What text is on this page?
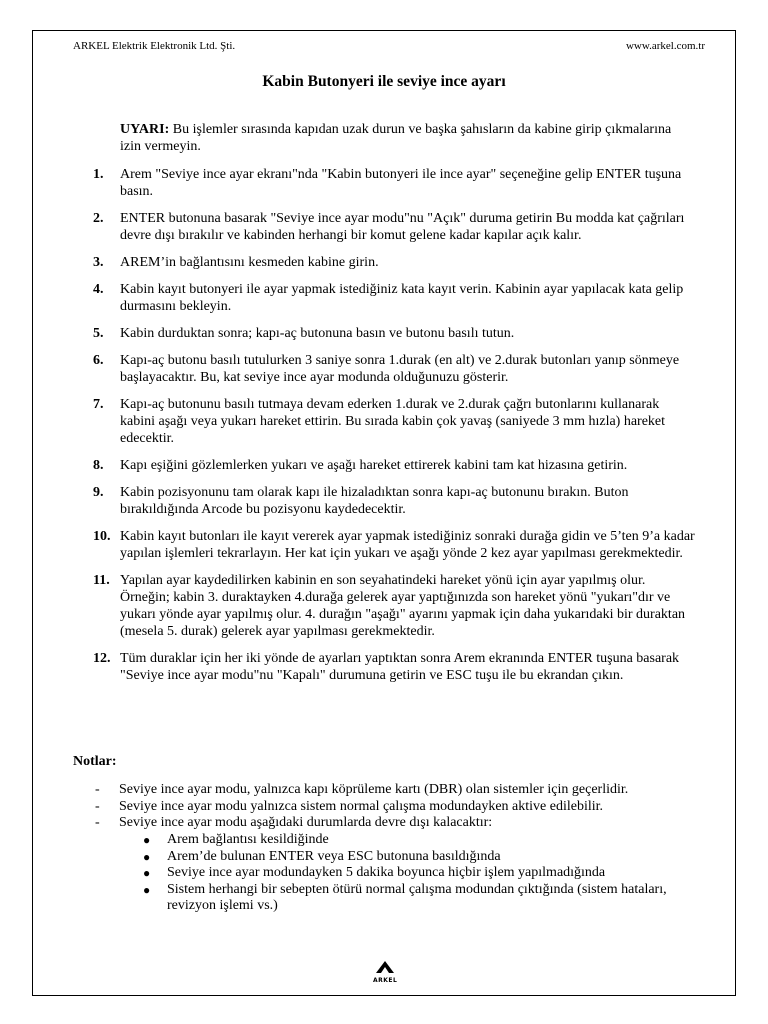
ARKEL Elektrik Elektronik Ltd. Şti.	www.arkel.com.tr
Kabin Butonyeri ile seviye ince ayarı
UYARI: Bu işlemler sırasında kapıdan uzak durun ve başka şahısların da kabine girip çıkmalarına izin vermeyin.
1.	Arem "Seviye ince ayar ekranı"nda "Kabin butonyeri ile ince ayar" seçeneğine gelip ENTER tuşuna basın.
2.	ENTER butonuna basarak "Seviye ince ayar modu"nu "Açık" duruma getirin Bu modda kat çağrıları devre dışı bırakılır ve kabinden herhangi bir komut gelene kadar kapılar açık kalır.
3.	AREM’in bağlantısını kesmeden kabine girin.
4.	Kabin kayıt butonyeri ile ayar yapmak istediğiniz kata kayıt verin. Kabinin ayar yapılacak kata gelip durmasını bekleyin.
5.	Kabin durduktan sonra; kapı-aç butonuna basın ve butonu basılı tutun.
6.	Kapı-aç butonu basılı tutulurken 3 saniye sonra 1.durak (en alt) ve 2.durak butonları yanıp sönmeye başlayacaktır. Bu, kat seviye ince ayar modunda olduğunuzu gösterir.
7.	Kapı-aç butonunu basılı tutmaya devam ederken 1.durak ve 2.durak çağrı butonlarını kullanarak kabini aşağı veya yukarı hareket ettirin. Bu sırada kabin çok yavaş (saniyede 3 mm hızla) hareket edecektir.
8.	Kapı eşiğini gözlemlerken yukarı ve aşağı hareket ettirerek kabini tam kat hizasına getirin.
9.	Kabin pozisyonunu tam olarak kapı ile hizaladıktan sonra kapı-aç butonunu bırakın. Buton bırakıldığında Arcode bu pozisyonu kaydedecektir.
10. Kabin kayıt butonları ile kayıt vererek ayar yapmak istediğiniz sonraki durağa gidin ve 5’ten 9’a kadar yapılan işlemleri tekrarlayın. Her kat için yukarı ve aşağı yönde 2 kez ayar yapılması gerekmektedir.
11. Yapılan ayar kaydedilirken kabinin en son seyahatindeki hareket yönü için ayar yapılmış olur. Örneğin; kabin 3. duraktayken 4.durağa gelerek ayar yaptığınızda son hareket yönü "yukarı"dır ve yukarı yönde ayar yapılmış olur. 4. durağın "aşağı" ayarını yapmak için daha yukarıdaki bir duraktan (mesela 5. durak) gelerek ayar yapılması gerekmektedir.
12. Tüm duraklar için her iki yönde de ayarları yaptıktan sonra Arem ekranında ENTER tuşuna basarak "Seviye ince ayar modu"nu "Kapalı" durumuna getirin ve ESC tuşu ile bu ekrandan çıkın.
Notlar:
-	Seviye ince ayar modu, yalnızca kapı köprüleme kartı (DBR) olan sistemler için geçerlidir.
-	Seviye ince ayar modu yalnızca sistem normal çalışma modundayken aktive edilebilir.
-	Seviye ince ayar modu aşağıdaki durumlarda devre dışı kalacaktır:
●	Arem bağlantısı kesildiğinde
●	Arem’de bulunan ENTER veya ESC butonuna basıldığında
●	Seviye ince ayar modundayken 5 dakika boyunca hiçbir işlem yapılmadığında
●	Sistem herhangi bir sebepten ötürü normal çalışma modundan çıktığında (sistem hataları, revizyon işlemi vs.)
ARKEL
